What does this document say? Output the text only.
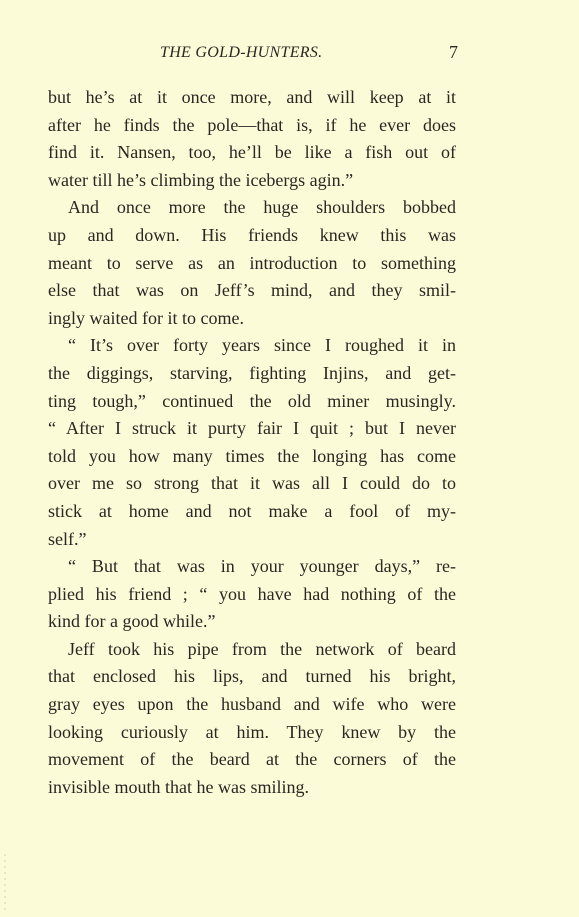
THE GOLD-HUNTERS.	7
but he’s at it once more, and will keep at it
after he finds the pole—that is, if he ever does
find it. Nansen, too, he’ll be like a fish out of
water till he’s climbing the icebergs agin.”
And once more the huge shoulders bobbed
up and down. His friends knew this was
meant to serve as an introduction to something
else that was on Jeff’s mind, and they smil-
ingly waited for it to come.
“ It’s over forty years since I roughed it in
the diggings, starving, fighting Injins, and get-
ting tough,” continued the old miner musingly.
“ After I struck it purty fair I quit ; but I never
told you how many times the longing has come
over me so strong that it was all I could do to
stick at home and not make a fool of my-
self.”
“ But that was in your younger days,” re-
plied his friend ; “ you have had nothing of the
kind for a good while.”
Jeff took his pipe from the network of beard
that enclosed his lips, and turned his bright,
gray eyes upon the husband and wife who were
looking curiously at him. They knew by the
movement of the beard at the corners of the
invisible mouth that he was smiling.
